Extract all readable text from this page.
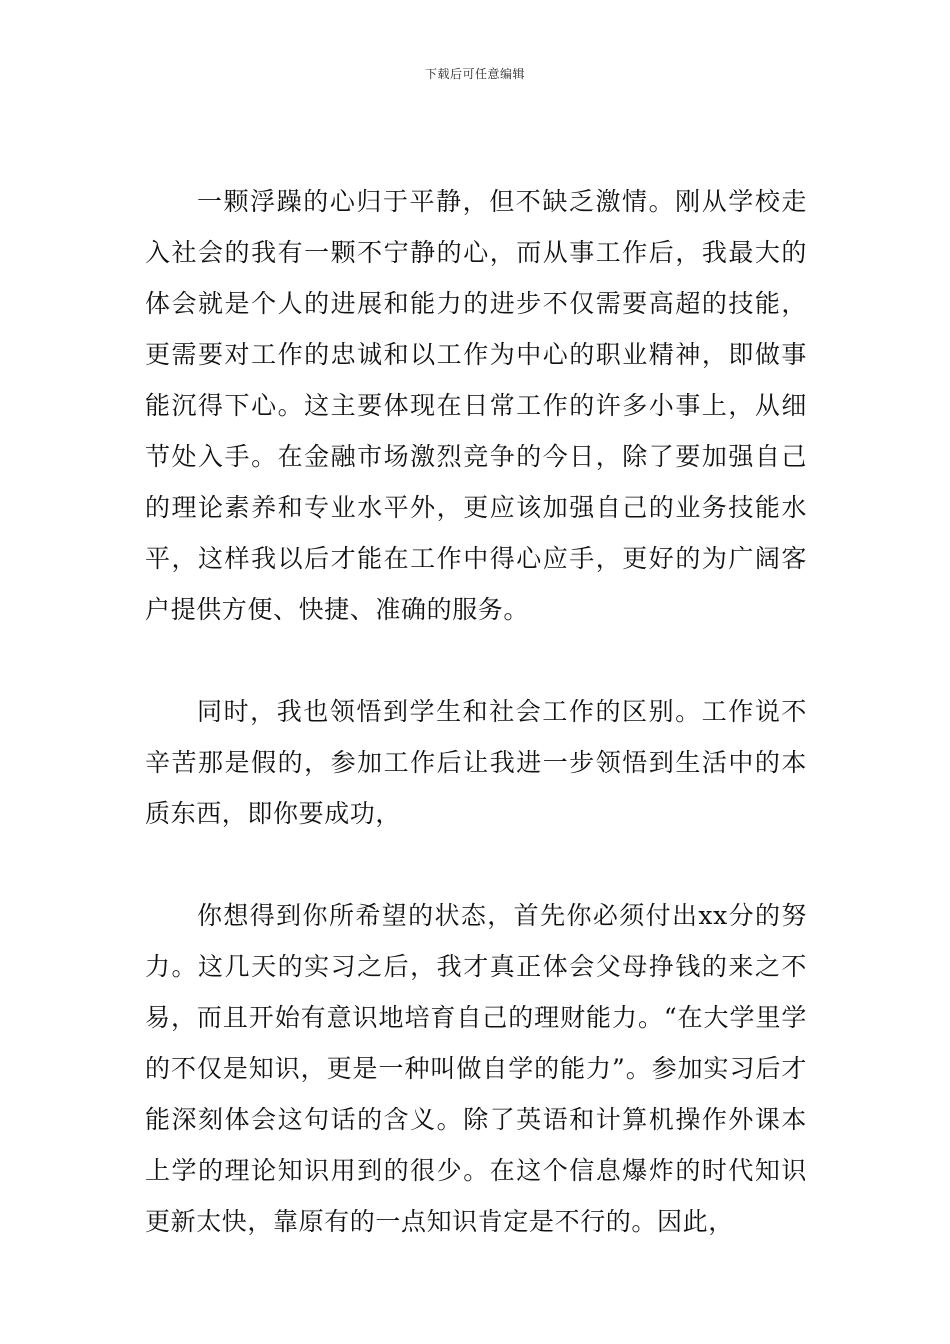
下载后可任意编辑

一颗浮躁的心归于平静，但不缺乏激情。刚从学校走入社会的我有一颗不宁静的心，而从事工作后，我最大的体会就是个人的进展和能力的进步不仅需要高超的技能，更需要对工作的忠诚和以工作为中心的职业精神，即做事能沉得下心。这主要体现在日常工作的许多小事上，从细节处入手。在金融市场激烈竞争的今日，除了要加强自己的理论素养和专业水平外，更应该加强自己的业务技能水平，这样我以后才能在工作中得心应手，更好的为广阔客户提供方便、快捷、准确的服务。

同时，我也领悟到学生和社会工作的区别。工作说不辛苦那是假的，参加工作后让我进一步领悟到生活中的本质东西，即你要成功，

你想得到你所希望的状态，首先你必须付出xx分的努力。这几天的实习之后，我才真正体会父母挣钱的来之不易，而且开始有意识地培育自己的理财能力。“在大学里学的不仅是知识，更是一种叫做自学的能力”。参加实习后才能深刻体会这句话的含义。除了英语和计算机操作外课本上学的理论知识用到的很少。在这个信息爆炸的时代知识更新太快，靠原有的一点知识肯定是不行的。因此，
